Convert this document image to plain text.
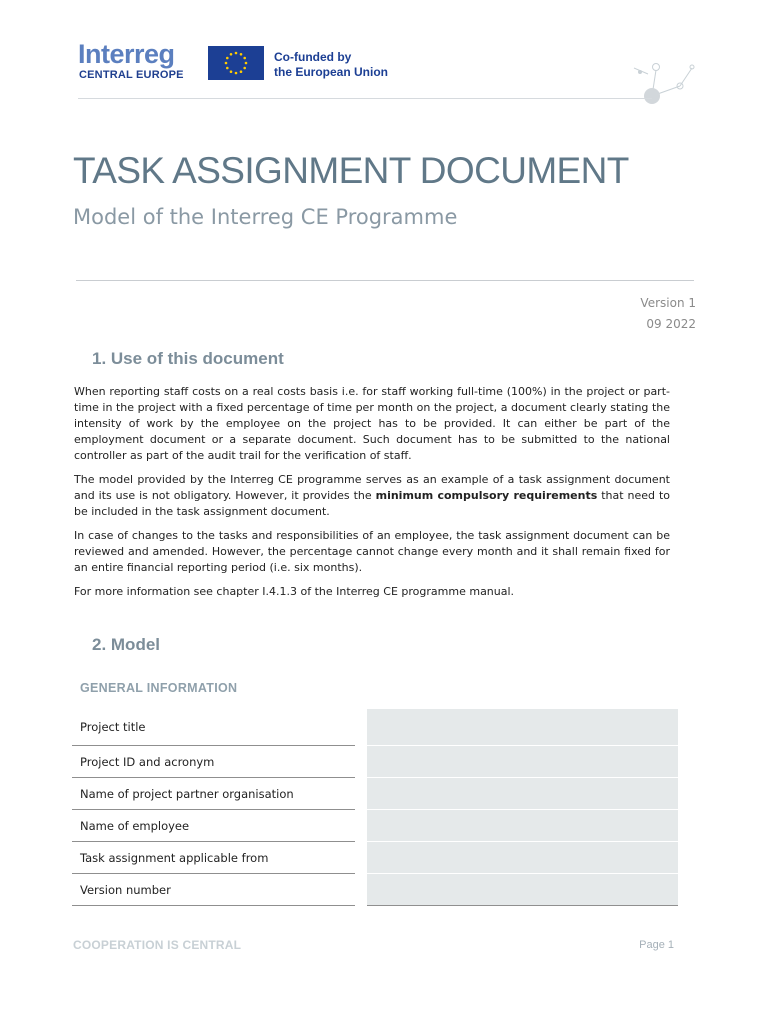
Interreg
CENTRAL EUROPE
Co-funded by
the European Union
TASK ASSIGNMENT DOCUMENT
Model of the Interreg CE Programme
Version 1
09 2022
1. Use of this document
When reporting staff costs on a real costs basis i.e. for staff working full-time (100%) in the project or part-time in the project with a fixed percentage of time per month on the project, a document clearly stating the intensity of work by the employee on the project has to be provided. It can either be part of the employment document or a separate document. Such document has to be submitted to the national controller as part of the audit trail for the verification of staff.
The model provided by the Interreg CE programme serves as an example of a task assignment document and its use is not obligatory. However, it provides the minimum compulsory requirements that need to be included in the task assignment document.
In case of changes to the tasks and responsibilities of an employee, the task assignment document can be reviewed and amended. However, the percentage cannot change every month and it shall remain fixed for an entire financial reporting period (i.e. six months).
For more information see chapter I.4.1.3 of the Interreg CE programme manual.
2. Model
GENERAL INFORMATION
Project title		
Project ID and acronym		
Name of project partner organisation		
Name of employee		
Task assignment applicable from		
Version number		
COOPERATION IS CENTRAL	Page 1
